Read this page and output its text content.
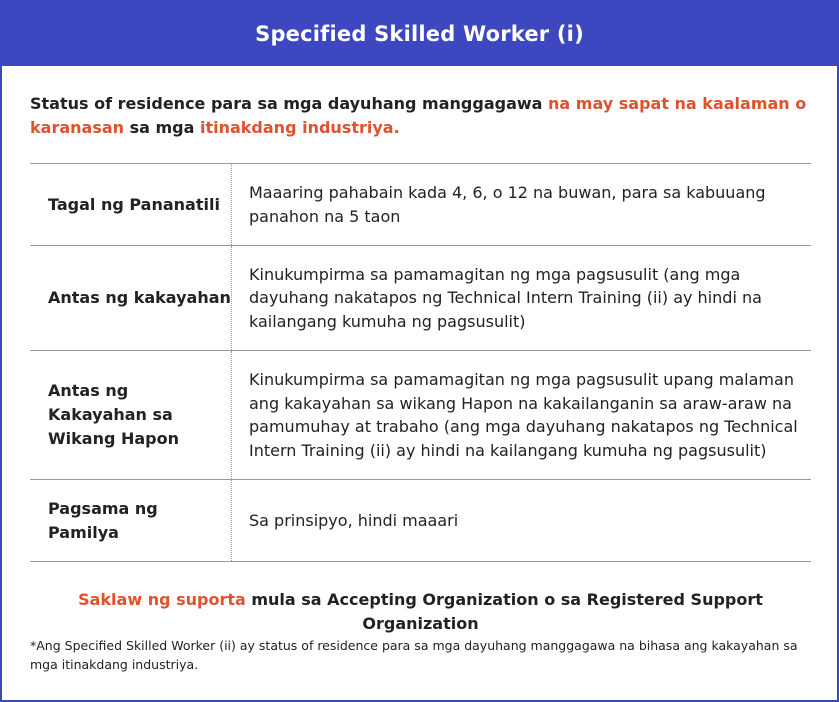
Specified Skilled Worker (i)
Status of residence para sa mga dayuhang manggagawa na may sapat na kaalaman o karanasan sa mga itinakdang industriya.
Tagal ng Pananatili	Maaaring pahabain kada 4, 6, o 12 na buwan, para sa kabuuang panahon na 5 taon
Antas ng kakayahan	Kinukumpirma sa pamamagitan ng mga pagsusulit (ang mga dayuhang nakatapos ng Technical Intern Training (ii) ay hindi na kailangang kumuha ng pagsusulit)
Antas ng Kakayahan sa Wikang Hapon	Kinukumpirma sa pamamagitan ng mga pagsusulit upang malaman ang kakayahan sa wikang Hapon na kakailanganin sa araw-araw na pamumuhay at trabaho (ang mga dayuhang nakatapos ng Technical Intern Training (ii) ay hindi na kailangang kumuha ng pagsusulit)
Pagsama ng Pamilya	Sa prinsipyo, hindi maaari
Saklaw ng suporta mula sa Accepting Organization o sa Registered Support Organization
*Ang Specified Skilled Worker (ii) ay status of residence para sa mga dayuhang manggagawa na bihasa ang kakayahan sa mga itinakdang industriya.
